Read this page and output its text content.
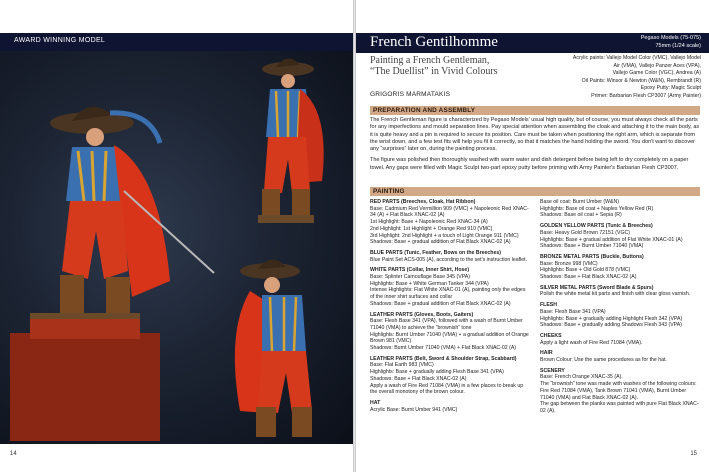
AWARD WINNING MODEL
14
French Gentilhomme	Pegaso Models (75-075)
75mm (1/24 scale)
Painting a French Gentleman,
“The Duellist” in Vivid Colours
GRIGORIS MARMATAKIS
Acrylic paints: Vallejo Model Color (VMC), Vallejo Model
Air (VMA), Vallejo Panzer Aces (VPA),
Vallejo Game Color (VGC), Andrea (A)
Oil Paints: Winsor & Newton (W&N), Rembrandt (R)
Epoxy Putty: Magic Sculpt
Primer: Barbarian Flesh CP3007 (Army Painter)
PREPARATION AND ASSEMBLY

The French Gentleman figure is characterized by Pegaso Models' usual high quality, but of course, you must always check all the parts for any imperfections and mould separation lines. Pay special attention when assembling the cloak and attaching it to the main body, as it is quite heavy and a pin is required to secure its position. Care must be taken when positioning the right arm, which is separate from the wrist down, and a few test fits will help you fit it correctly, so that it matches the hand holding the sword. You don't want to discover any “surprises” later on, during the painting process.

The figure was polished then thoroughly washed with warm water and dish detergent before being left to dry completely on a paper towel. Any gaps were filled with Magic Sculpt two-part epoxy putty before priming with Army Painter's Barbarian Flesh CP3007.

PAINTING
RED PARTS (Breeches, Cloak, Hat Ribbon)
Base: Cadmium Red Vermillion 909 (VMC) + Napoleonic Red XNAC-34 (A) + Flat Black XNAC-02 (A)
1st Highlight: Base + Napoleonic Red XNAC-34 (A)
2nd Highlight: 1st Highlight + Orange Red 910 (VMC)
3rd Highlight: 2nd Highlight + a touch of Light Orange 911 (VMC)
Shadows: Base + gradual addition of Flat Black XNAC-02 (A)
BLUE PARTS (Tunic, Feather, Bows on the Breeches)
Blue Paint Set ACS-005 (A), according to the set's instruction leaflet.
WHITE PARTS (Collar, Inner Shirt, Hose)
Base: Splinter Camouflage Base 345 (VPA)
Highlights: Base + White German Tanker 344 (VPA)
Intense Highlights: Flat White XNAC-01 (A), painting only the edges of the inner shirt surfaces and collar
Shadows: Base + gradual addition of Flat Black XNAC-02 (A)
LEATHER PARTS (Gloves, Boots, Gaiters)
Base: Flesh Base 341 (VPA), followed with a wash of Burnt Umber 71040 (VMA) to achieve the “brownish” tone
Highlights: Burnt Umber 71040 (VMA) + a gradual addition of Orange Brown 981 (VMC)
Shadows: Burnt Umber 71040 (VMA) + Flat Black XNAC-02 (A)
LEATHER PARTS (Belt, Sword & Shoulder Strap, Scabbard)
Base: Flat Earth 983 (VMC)
Highlights: Base + gradually adding Flesh Base 341 (VPA)
Shadows: Base + Flat Black XNAC-02 (A)
Apply a wash of Fire Red 71084 (VMA) in a few places to break up the overall monotony of the brown colour.
HAT
Acrylic Base: Burnt Umber 941 (VMC)
Base oil coat: Burnt Umber (W&N)
Highlights: Base oil coat + Naples Yellow Red (R)
Shadows: Base oil coat + Sepia (R)
GOLDEN YELLOW PARTS (Tunic & Breeches)
Base: Heavy Gold Brown 72151 (VGC)
Highlights: Base + gradual addition of Flat White XNAC-01 (A)
Shadows: Base + Burnt Umber 71040 (VMA)
BRONZE METAL PARTS (Buckle, Buttons)
Base: Bronze 998 (VMC)
Highlights: Base + Old Gold 878 (VMC)
Shadows: Base + Flat Black XNAC-02 (A)
SILVER METAL PARTS (Sword Blade & Spurs)
Polish the white metal kit parts and finish with clear gloss varnish.
FLESH
Base: Flesh Base 341 (VPA)
Highlights: Base + gradually adding Highlight Flesh 342 (VPA)
Shadows: Base + gradually adding Shadows Flesh 343 (VPA)
CHEEKS
Apply a light wash of Fire Red 71084 (VMA).
HAIR
Brown Colour: Use the same procedures as for the hat.
SCENERY
Base: French Orange XNAC-35 (A).
The “brownish” tone was made with washes of the following colours: Fire Red 71084 (VMA), Tank Brown 71041 (VMA), Burnt Umber 71040 (VMA) and Flat Black XNAC-02 (A).
The gap between the planks was painted with pure Flat Black XNAC-02 (A).
15
